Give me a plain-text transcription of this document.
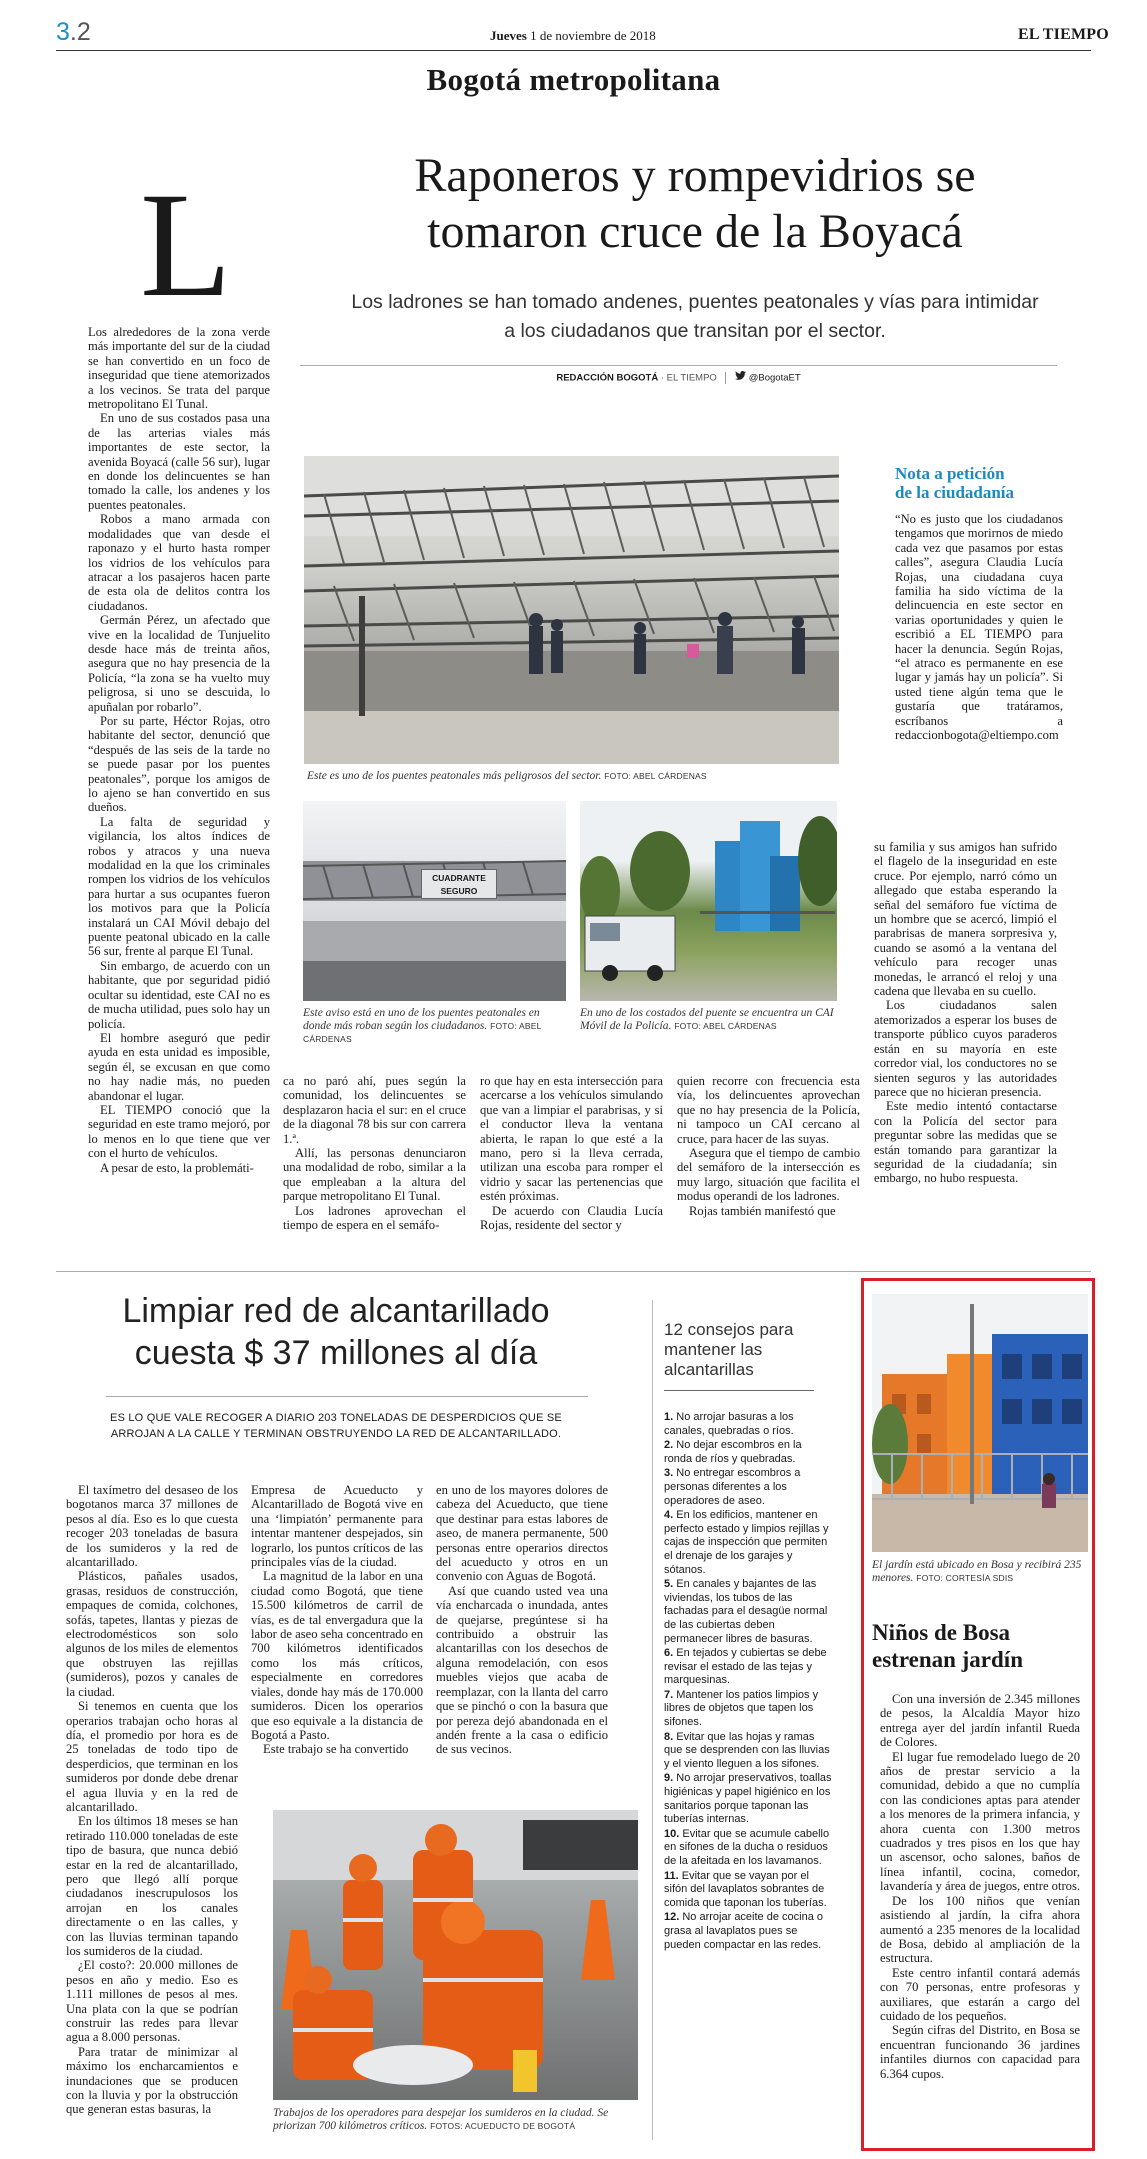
3.2	Jueves 1 de noviembre de 2018	EL TIEMPO
Bogotá metropolitana
L	Raponeros y rompevidrios se
tomaron cruce de la Boyacá
Los ladrones se han tomado andenes, puentes peatonales y vías para intimidar
a los ciudadanos que transitan por el sector.
REDACCIÓN BOGOTÁ · EL TIEMPO	@BogotaET

Los alrededores de la zona verde más importante del sur de la ciudad se han convertido en un foco de inseguridad que tiene atemorizados a los vecinos. Se trata del parque metropolitano El Tunal.

En uno de sus costados pasa una de las arterias viales más importantes de este sector, la avenida Boyacá (calle 56 sur), lugar en donde los delincuentes se han tomado la calle, los andenes y los puentes peatonales.

Robos a mano armada con modalidades que van desde el raponazo y el hurto hasta romper los vidrios de los vehículos para atracar a los pasajeros hacen parte de esta ola de delitos contra los ciudadanos.

Germán Pérez, un afectado que vive en la localidad de Tunjuelito desde hace más de treinta años, asegura que no hay presencia de la Policía, “la zona se ha vuelto muy peligrosa, si uno se descuida, lo apuñalan por robarlo”.

Por su parte, Héctor Rojas, otro habitante del sector, denunció que “después de las seis de la tarde no se puede pasar por los puentes peatonales”, porque los amigos de lo ajeno se han convertido en sus dueños.

La falta de seguridad y vigilancia, los altos índices de robos y atracos y una nueva modalidad en la que los criminales rompen los vidrios de los vehículos para hurtar a sus ocupantes fueron los motivos para que la Policía instalará un CAI Móvil debajo del puente peatonal ubicado en la calle 56 sur, frente al parque El Tunal.

Sin embargo, de acuerdo con un habitante, que por seguridad pidió ocultar su identidad, este CAI no es de mucha utilidad, pues solo hay un policía.

El hombre aseguró que pedir ayuda en esta unidad es imposible, según él, se excusan en que como no hay nadie más, no pueden abandonar el lugar.

EL TIEMPO conoció que la seguridad en este tramo mejoró, por lo menos en lo que tiene que ver con el hurto de vehículos.

A pesar de esto, la problemáti-

Este es uno de los puentes peatonales más peligrosos del sector. FOTO: ABEL CÁRDENAS
CUADRANTE
SEGURO
Este aviso está en uno de los puentes peatonales en donde más roban según los ciudadanos. FOTO: ABEL CÁRDENAS
En uno de los costados del puente se encuentra un CAI Móvil de la Policía. FOTO: ABEL CÁRDENAS
Nota a petición
de la ciudadanía

“No es justo que los ciudadanos tengamos que morirnos de miedo cada vez que pasamos por estas calles”, asegura Claudia Lucía Rojas, una ciudadana cuya familia ha sido víctima de la delincuencia en este sector en varias oportunidades y quien le escribió a EL TIEMPO para hacer la denuncia. Según Rojas, “el atraco es permanente en ese lugar y jamás hay un policía”. Si usted tiene algún tema que le gustaría que tratáramos, escríbanos a redaccionbogota@eltiempo.com

ca no paró ahí, pues según la comunidad, los delincuentes se desplazaron hacia el sur: en el cruce de la diagonal 78 bis sur con carrera 1.ª.

Allí, las personas denunciaron una modalidad de robo, similar a la que empleaban a la altura del parque metropolitano El Tunal.

Los ladrones aprovechan el tiempo de espera en el semáfo-

ro que hay en esta intersección para acercarse a los vehículos simulando que van a limpiar el parabrisas, y si el conductor lleva la ventana abierta, le rapan lo que esté a la mano, pero si la lleva cerrada, utilizan una escoba para romper el vidrio y sacar las pertenencias que estén próximas.

De acuerdo con Claudia Lucía Rojas, residente del sector y

quien recorre con frecuencia esta vía, los delincuentes aprovechan que no hay presencia de la Policía, ni tampoco un CAI cercano al cruce, para hacer de las suyas.

Asegura que el tiempo de cambio del semáforo de la intersección es muy largo, situación que facilita el modus operandi de los ladrones.

Rojas también manifestó que

su familia y sus amigos han sufrido el flagelo de la inseguridad en este cruce. Por ejemplo, narró cómo un allegado que estaba esperando la señal del semáforo fue víctima de un hombre que se acercó, limpió el parabrisas de manera sorpresiva y, cuando se asomó a la ventana del vehículo para recoger unas monedas, le arrancó el reloj y una cadena que llevaba en su cuello.

Los ciudadanos salen atemorizados a esperar los buses de transporte público cuyos paraderos están en su mayoría en este corredor vial, los conductores no se sienten seguros y las autoridades parece que no hicieran presencia.

Este medio intentó contactarse con la Policía del sector para preguntar sobre las medidas que se están tomando para garantizar la seguridad de la ciudadanía; sin embargo, no hubo respuesta.

Limpiar red de alcantarillado
cuesta $ 37 millones al día
ES LO QUE VALE RECOGER A DIARIO 203 TONELADAS DE DESPERDICIOS QUE SE
ARROJAN A LA CALLE Y TERMINAN OBSTRUYENDO LA RED DE ALCANTARILLADO.

El taxímetro del desaseo de los bogotanos marca 37 millones de pesos al día. Eso es lo que cuesta recoger 203 toneladas de basura de los sumideros y la red de alcantarillado.

Plásticos, pañales usados, grasas, residuos de construcción, empaques de comida, colchones, sofás, tapetes, llantas y piezas de electrodomésticos son solo algunos de los miles de elementos que obstruyen las rejillas (sumideros), pozos y canales de la ciudad.

Si tenemos en cuenta que los operarios trabajan ocho horas al día, el promedio por hora es de 25 toneladas de todo tipo de desperdicios, que terminan en los sumideros por donde debe drenar el agua lluvia y en la red de alcantarillado.

En los últimos 18 meses se han retirado 110.000 toneladas de este tipo de basura, que nunca debió estar en la red de alcantarillado, pero que llegó allí porque ciudadanos inescrupulosos los arrojan en los canales directamente o en las calles, y con las lluvias terminan tapando los sumideros de la ciudad.

¿El costo?: 20.000 millones de pesos en año y medio. Eso es 1.111 millones de pesos al mes. Una plata con la que se podrían construir las redes para llevar agua a 8.000 personas.

Para tratar de minimizar al máximo los encharcamientos e inundaciones que se producen con la lluvia y por la obstrucción que generan estas basuras, la

Empresa de Acueducto y Alcantarillado de Bogotá vive en una ‘limpiatón’ permanente para intentar mantener despejados, sin lograrlo, los puntos críticos de las principales vías de la ciudad.

La magnitud de la labor en una ciudad como Bogotá, que tiene 15.500 kilómetros de carril de vías, es de tal envergadura que la labor de aseo seha concentrado en 700 kilómetros identificados como los más críticos, especialmente en corredores viales, donde hay más de 170.000 sumideros. Dicen los operarios que eso equivale a la distancia de Bogotá a Pasto.

Este trabajo se ha convertido

en uno de los mayores dolores de cabeza del Acueducto, que tiene que destinar para estas labores de aseo, de manera permanente, 500 personas entre operarios directos del acueducto y otros en un convenio con Aguas de Bogotá.

Así que cuando usted vea una vía encharcada o inundada, antes de quejarse, pregúntese si ha contribuido a obstruir las alcantarillas con los desechos de alguna remodelación, con esos muebles viejos que acaba de reemplazar, con la llanta del carro que se pinchó o con la basura que por pereza dejó abandonada en el andén frente a la casa o edificio de sus vecinos.

Trabajos de los operadores para despejar los sumideros en la ciudad. Se priorizan 700 kilómetros críticos. FOTOS: ACUEDUCTO DE BOGOTÁ
12 consejos para
mantener las
alcantarillas

1. No arrojar basuras a los canales, quebradas o ríos.

2. No dejar escombros en la ronda de ríos y quebradas.

3. No entregar escombros a personas diferentes a los operadores de aseo.

4. En los edificios, mantener en perfecto estado y limpios rejillas y cajas de inspección que permiten el drenaje de los garajes y sótanos.

5. En canales y bajantes de las viviendas, los tubos de las fachadas para el desagüe normal de las cubiertas deben permanecer libres de basuras.

6. En tejados y cubiertas se debe revisar el estado de las tejas y marquesinas.

7. Mantener los patios limpios y libres de objetos que tapen los sifones.

8. Evitar que las hojas y ramas que se desprenden con las lluvias y el viento lleguen a los sifones.

9. No arrojar preservativos, toallas higiénicas y papel higiénico en los sanitarios porque taponan las tuberías internas.

10. Evitar que se acumule cabello en sifones de la ducha o residuos de la afeitada en los lavamanos.

11. Evitar que se vayan por el sifón del lavaplatos sobrantes de comida que taponan los tuberías.

12. No arrojar aceite de cocina o grasa al lavaplatos pues se pueden compactar en las redes.

El jardín está ubicado en Bosa y recibirá 235 menores. FOTO: CORTESÍA SDIS
Niños de Bosa
estrenan jardín

Con una inversión de 2.345 millones de pesos, la Alcaldía Mayor hizo entrega ayer del jardín infantil Rueda de Colores.

El lugar fue remodelado luego de 20 años de prestar servicio a la comunidad, debido a que no cumplía con las condiciones aptas para atender a los menores de la primera infancia, y ahora cuenta con 1.300 metros cuadrados y tres pisos en los que hay un ascensor, ocho salones, baños de línea infantil, cocina, comedor, lavandería y área de juegos, entre otros.

De los 100 niños que venían asistiendo al jardín, la cifra ahora aumentó a 235 menores de la localidad de Bosa, debido al ampliación de la estructura.

Este centro infantil contará además con 70 personas, entre profesoras y auxiliares, que estarán a cargo del cuidado de los pequeños.

Según cifras del Distrito, en Bosa se encuentran funcionando 36 jardines infantiles diurnos con capacidad para 6.364 cupos.
